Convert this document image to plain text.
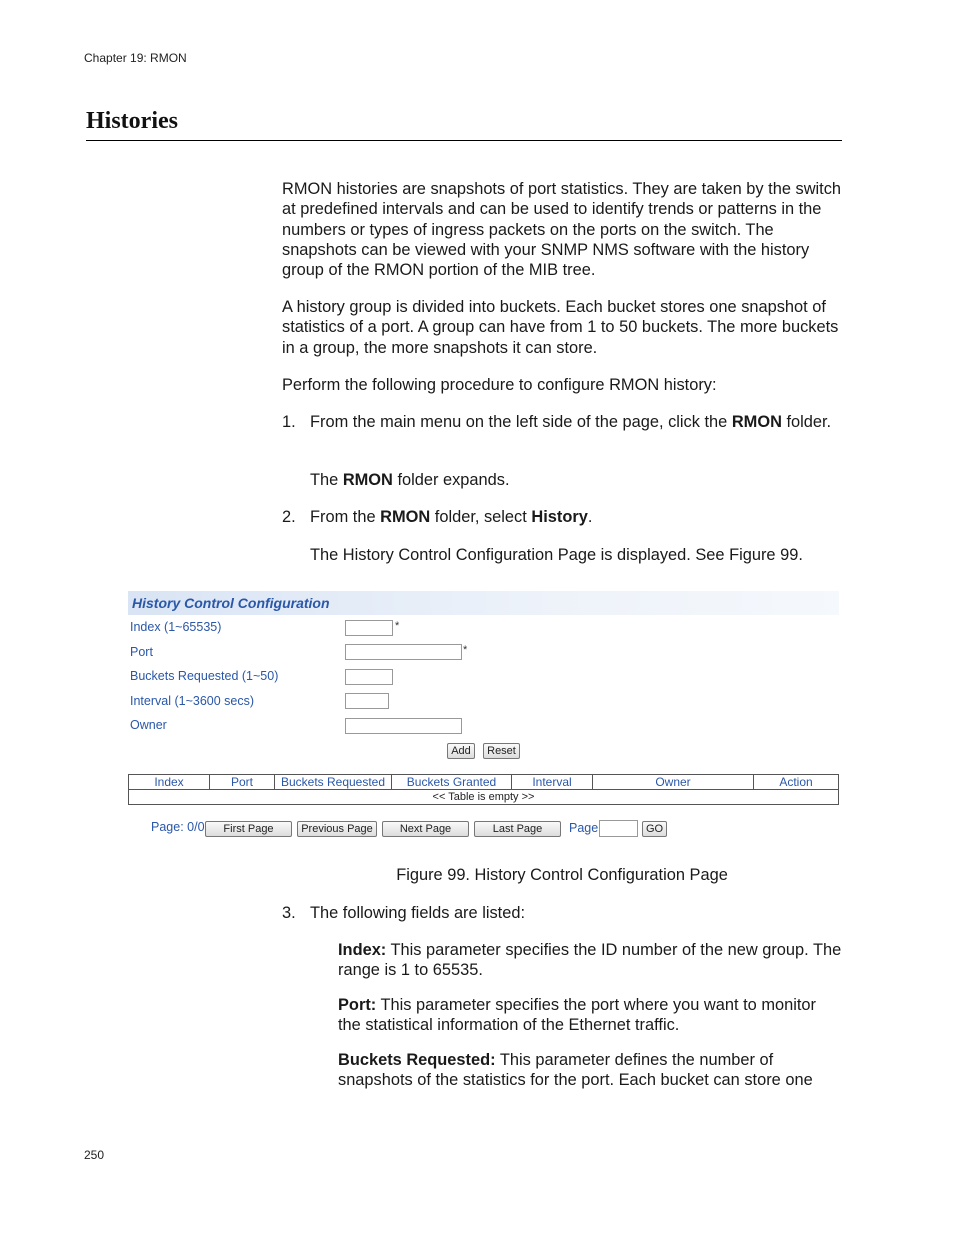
Chapter 19: RMON
Histories
RMON histories are snapshots of port statistics. They are taken by the switch at predefined intervals and can be used to identify trends or patterns in the numbers or types of ingress packets on the ports on the switch. The snapshots can be viewed with your SNMP NMS software with the history group of the RMON portion of the MIB tree.
A history group is divided into buckets. Each bucket stores one snapshot of statistics of a port. A group can have from 1 to 50 buckets. The more buckets in a group, the more snapshots it can store.
Perform the following procedure to configure RMON history:
1. From the main menu on the left side of the page, click the RMON folder.
The RMON folder expands.
2. From the RMON folder, select History.
The History Control Configuration Page is displayed. See Figure 99.
History Control Configuration
Index (1~65535)	*
Port	*
Buckets Requested (1~50)
Interval (1~3600 secs)
Owner
Add	Reset
Index	Port	Buckets Requested	Buckets Granted	Interval	Owner	Action
<< Table is empty >>
Page: 0/0	First Page	Previous Page	Next Page	Last Page	Page	GO
Figure 99. History Control Configuration Page
3. The following fields are listed:
Index: This parameter specifies the ID number of the new group. The range is 1 to 65535.
Port: This parameter specifies the port where you want to monitor the statistical information of the Ethernet traffic.
Buckets Requested: This parameter defines the number of snapshots of the statistics for the port. Each bucket can store one
250
